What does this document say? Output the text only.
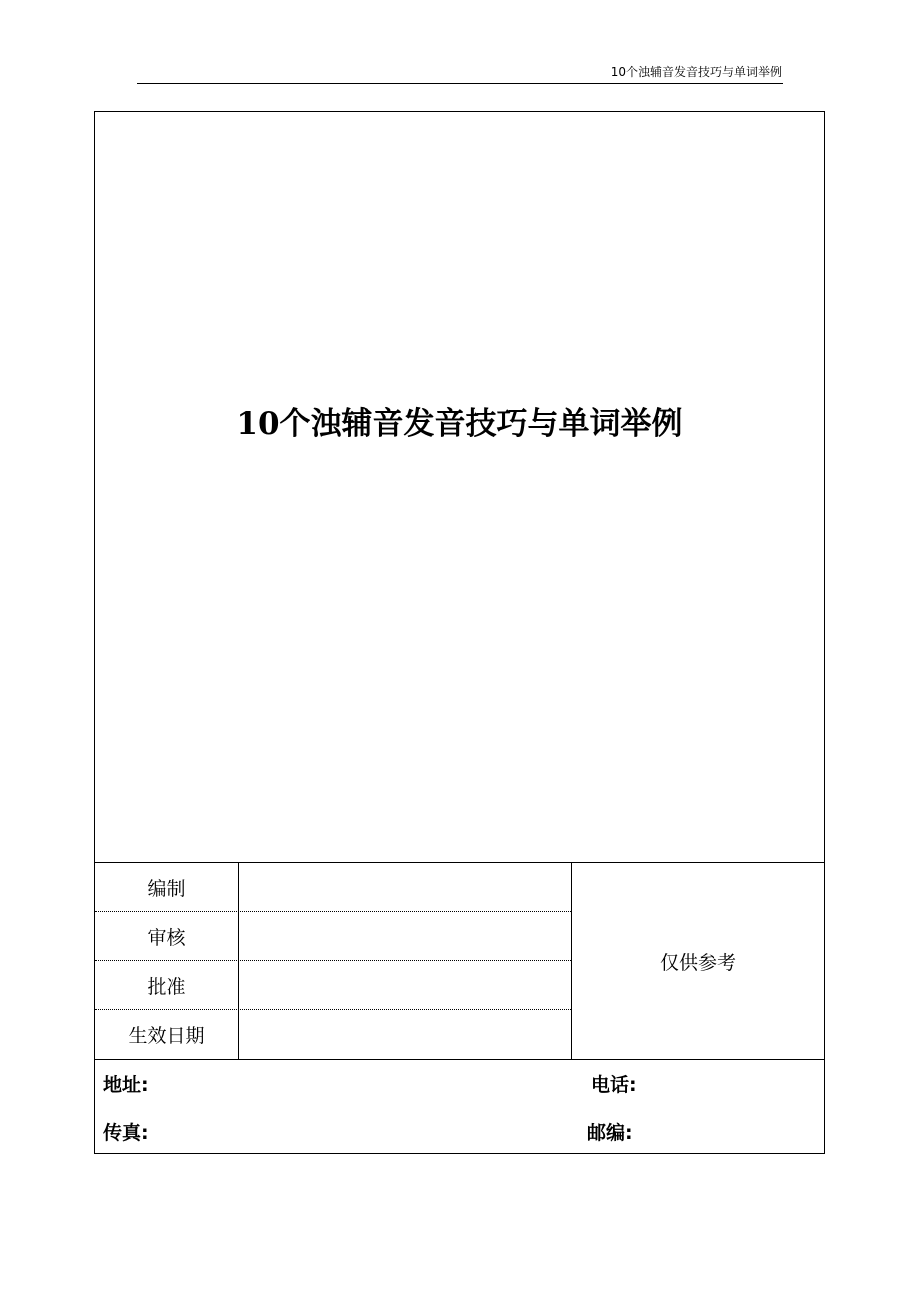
10个浊辅音发音技巧与单词举例
10个浊辅音发音技巧与单词举例
编制
审核
批准
生效日期
仅供参考
地址:	电话:
传真:	邮编:
